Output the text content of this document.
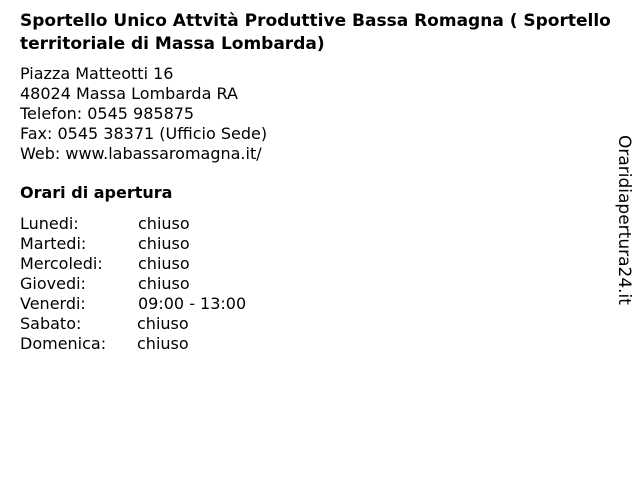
Sportello Unico Attvità Produttive Bassa Romagna ( Sportello territoriale di Massa Lombarda)
Piazza Matteotti 16
48024 Massa Lombarda RA
Telefon: 0545 985875
Fax: 0545 38371 (Ufficio Sede)
Web: www.labassaromagna.it/
Orari di apertura
Lunedi:	chiuso
Martedi:	chiuso
Mercoledi: chiuso
Giovedi:	chiuso
Venerdi:	09:00 - 13:00
Sabato:	chiuso
Domenica: chiuso
Oraridiapertura24.it
